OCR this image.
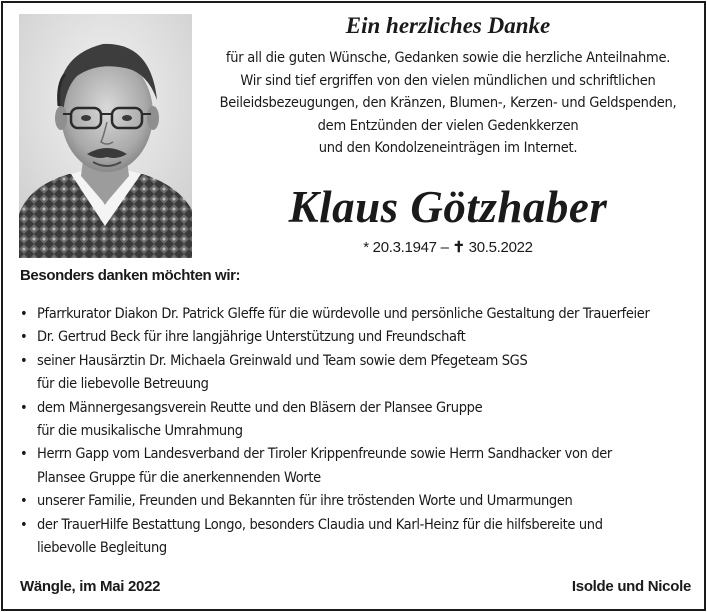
Ein herzliches Danke
für all die guten Wünsche, Gedanken sowie die herzliche Anteilnahme.
Wir sind tief ergriffen von den vielen mündlichen und schriftlichen
Beileidsbezeugungen, den Kränzen, Blumen-, Kerzen- und Geldspenden,
dem Entzünden der vielen Gedenkkerzen
und den Kondolzeneinträgen im Internet.
Klaus Götzhaber
* 20.3.1947 – ✝ 30.5.2022
Besonders danken möchten wir:
• Pfarrkurator Diakon Dr. Patrick Gleffe für die würdevolle und persönliche Gestaltung der Trauerfeier
• Dr. Gertrud Beck für ihre langjährige Unterstützung und Freundschaft
• seiner Hausärztin Dr. Michaela Greinwald und Team sowie dem Pfegeteam SGS
für die liebevolle Betreuung
• dem Männergesangsverein Reutte und den Bläsern der Plansee Gruppe
für die musikalische Umrahmung
• Herrn Gapp vom Landesverband der Tiroler Krippenfreunde sowie Herrn Sandhacker von der
Plansee Gruppe für die anerkennenden Worte
• unserer Familie, Freunden und Bekannten für ihre tröstenden Worte und Umarmungen
• der TrauerHilfe Bestattung Longo, besonders Claudia und Karl-Heinz für die hilfsbereite und
liebevolle Begleitung
Wängle, im Mai 2022	Isolde und Nicole
